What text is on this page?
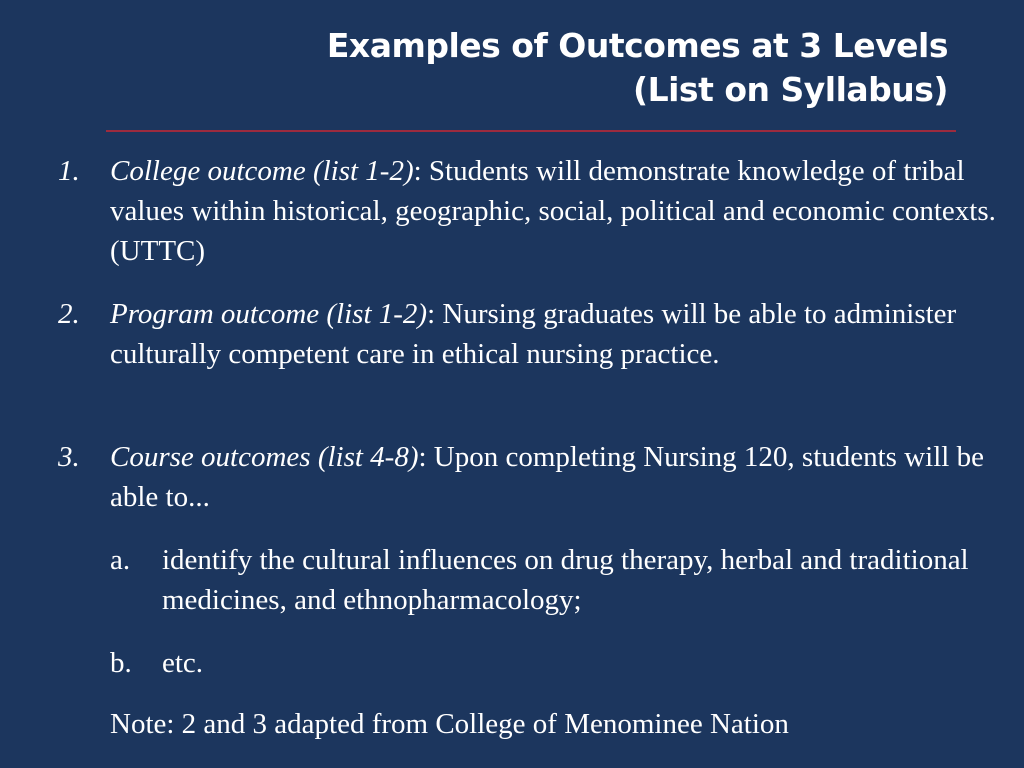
Examples of Outcomes at 3 Levels
(List on Syllabus)
1. College outcome (list 1-2): Students will demonstrate knowledge of tribal values within historical, geographic, social, political and economic contexts. (UTTC)
2. Program outcome (list 1-2): Nursing graduates will be able to administer culturally competent care in ethical nursing practice.
3. Course outcomes (list 4-8): Upon completing Nursing 120, students will be able to...
a. identify the cultural influences on drug therapy, herbal and traditional medicines, and ethnopharmacology;
b. etc.
Note: 2 and 3 adapted from College of Menominee Nation
